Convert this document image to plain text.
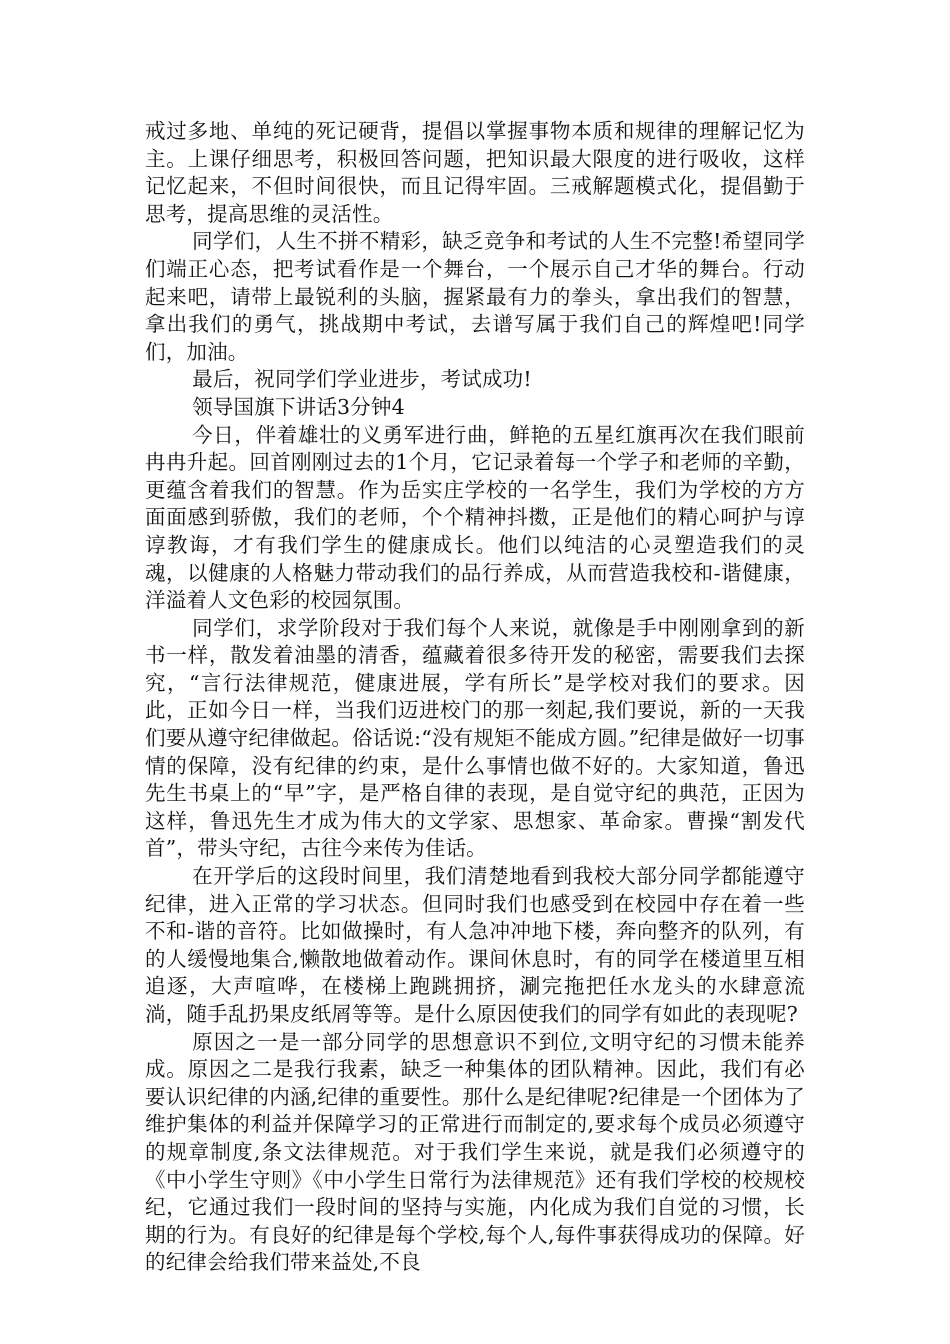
戒过多地、单纯的死记硬背，提倡以掌握事物本质和规律的理解记忆为主。上课仔细思考，积极回答问题，把知识最大限度的进行吸收，这样记忆起来，不但时间很快，而且记得牢固。三戒解题模式化，提倡勤于思考，提高思维的灵活性。

同学们，人生不拼不精彩，缺乏竞争和考试的人生不完整!希望同学们端正心态，把考试看作是一个舞台，一个展示自己才华的舞台。行动起来吧，请带上最锐利的头脑，握紧最有力的拳头，拿出我们的智慧，拿出我们的勇气，挑战期中考试，去谱写属于我们自己的辉煌吧!同学们，加油。

最后，祝同学们学业进步，考试成功!

领导国旗下讲话3分钟4

今日，伴着雄壮的义勇军进行曲，鲜艳的五星红旗再次在我们眼前冉冉升起。回首刚刚过去的1个月，它记录着每一个学子和老师的辛勤，更蕴含着我们的智慧。作为岳实庄学校的一名学生，我们为学校的方方面面感到骄傲，我们的老师，个个精神抖擞，正是他们的精心呵护与谆谆教诲，才有我们学生的健康成长。他们以纯洁的心灵塑造我们的灵魂，以健康的人格魅力带动我们的品行养成，从而营造我校和-谐健康，洋溢着人文色彩的校园氛围。

同学们，求学阶段对于我们每个人来说，就像是手中刚刚拿到的新书一样，散发着油墨的清香，蕴藏着很多待开发的秘密，需要我们去探究，“言行法律规范，健康进展，学有所长”是学校对我们的要求。因此，正如今日一样，当我们迈进校门的那一刻起,我们要说，新的一天我们要从遵守纪律做起。俗话说:“没有规矩不能成方圆。”纪律是做好一切事情的保障，没有纪律的约束，是什么事情也做不好的。大家知道，鲁迅先生书桌上的“早”字，是严格自律的表现，是自觉守纪的典范，正因为这样，鲁迅先生才成为伟大的文学家、思想家、革命家。曹操“割发代首”，带头守纪，古往今来传为佳话。

在开学后的这段时间里，我们清楚地看到我校大部分同学都能遵守纪律，进入正常的学习状态。但同时我们也感受到在校园中存在着一些不和-谐的音符。比如做操时，有人急冲冲地下楼，奔向整齐的队列，有的人缓慢地集合,懒散地做着动作。课间休息时，有的同学在楼道里互相追逐，大声喧哗，在楼梯上跑跳拥挤，涮完拖把任水龙头的水肆意流淌，随手乱扔果皮纸屑等等。是什么原因使我们的同学有如此的表现呢?

原因之一是一部分同学的思想意识不到位,文明守纪的习惯未能养成。原因之二是我行我素，缺乏一种集体的团队精神。因此，我们有必要认识纪律的内涵,纪律的重要性。那什么是纪律呢?纪律是一个团体为了维护集体的利益并保障学习的正常进行而制定的,要求每个成员必须遵守的规章制度,条文法律规范。对于我们学生来说，就是我们必须遵守的《中小学生守则》《中小学生日常行为法律规范》还有我们学校的校规校纪，它通过我们一段时间的坚持与实施，内化成为我们自觉的习惯，长期的行为。有良好的纪律是每个学校,每个人,每件事获得成功的保障。好的纪律会给我们带来益处,不良
